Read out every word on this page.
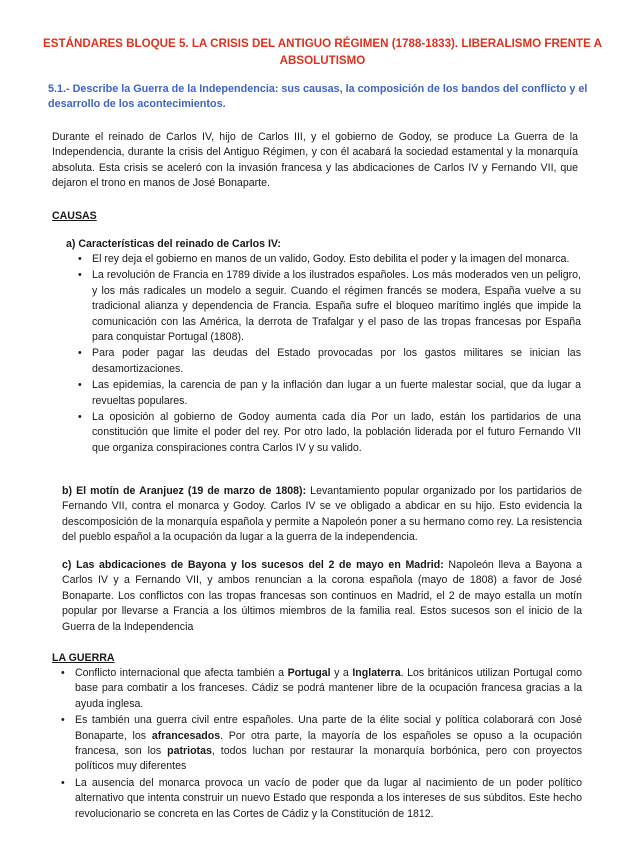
ESTÁNDARES BLOQUE 5. LA CRISIS DEL ANTIGUO RÉGIMEN (1788-1833). LIBERALISMO FRENTE A ABSOLUTISMO
5.1.- Describe la Guerra de la Independencia: sus causas, la composición de los bandos del conflicto y el desarrollo de los acontecimientos.
Durante el reinado de Carlos IV, hijo de Carlos III, y el gobierno de Godoy, se produce La Guerra de la Independencia, durante la crisis del Antiguo Régimen, y con él acabará la sociedad estamental y la monarquía absoluta. Esta crisis se aceleró con la invasión francesa y las abdicaciones de Carlos IV y Fernando VII, que dejaron el trono en manos de José Bonaparte.
CAUSAS
a) Características del reinado de Carlos IV:
• El rey deja el gobierno en manos de un valido, Godoy. Esto debilita el poder y la imagen del monarca.
• La revolución de Francia en 1789 divide a los ilustrados españoles. Los más moderados ven un peligro, y los más radicales un modelo a seguir. Cuando el régimen francés se modera, España vuelve a su tradicional alianza y dependencia de Francia. España sufre el bloqueo marítimo inglés que impide la comunicación con las América, la derrota de Trafalgar y el paso de las tropas francesas por España para conquistar Portugal (1808).
• Para poder pagar las deudas del Estado provocadas por los gastos militares se inician las desamortizaciones.
• Las epidemias, la carencia de pan y la inflación dan lugar a un fuerte malestar social, que da lugar a revueltas populares.
• La oposición al gobierno de Godoy aumenta cada día Por un lado, están los partidarios de una constitución que limite el poder del rey. Por otro lado, la población liderada por el futuro Fernando VII que organiza conspiraciones contra Carlos IV y su valido.
b) El motín de Aranjuez (19 de marzo de 1808): Levantamiento popular organizado por los partidarios de Fernando VII, contra el monarca y Godoy. Carlos IV se ve obligado a abdicar en su hijo. Esto evidencia la descomposición de la monarquía española y permite a Napoleón poner a su hermano como rey. La resistencia del pueblo español a la ocupación da lugar a la guerra de la independencia.
c) Las abdicaciones de Bayona y los sucesos del 2 de mayo en Madrid: Napoleón lleva a Bayona a Carlos IV y a Fernando VII, y ambos renuncian a la corona española (mayo de 1808) a favor de José Bonaparte. Los conflictos con las tropas francesas son continuos en Madrid, el 2 de mayo estalla un motín popular por llevarse a Francia a los últimos miembros de la familia real. Estos sucesos son el inicio de la Guerra de la Independencia
LA GUERRA
• Conflicto internacional que afecta también a Portugal y a Inglaterra. Los británicos utilizan Portugal como base para combatir a los franceses. Cádiz se podrá mantener libre de la ocupación francesa gracias a la ayuda inglesa.
• Es también una guerra civil entre españoles. Una parte de la élite social y política colaborará con José Bonaparte, los afrancesados. Por otra parte, la mayoría de los españoles se opuso a la ocupación francesa, son los patriotas, todos luchan por restaurar la monarquía borbónica, pero con proyectos políticos muy diferentes
• La ausencia del monarca provoca un vacío de poder que da lugar al nacimiento de un poder político alternativo que intenta construir un nuevo Estado que responda a los intereses de sus súbditos. Este hecho revolucionario se concreta en las Cortes de Cádiz y la Constitución de 1812.
